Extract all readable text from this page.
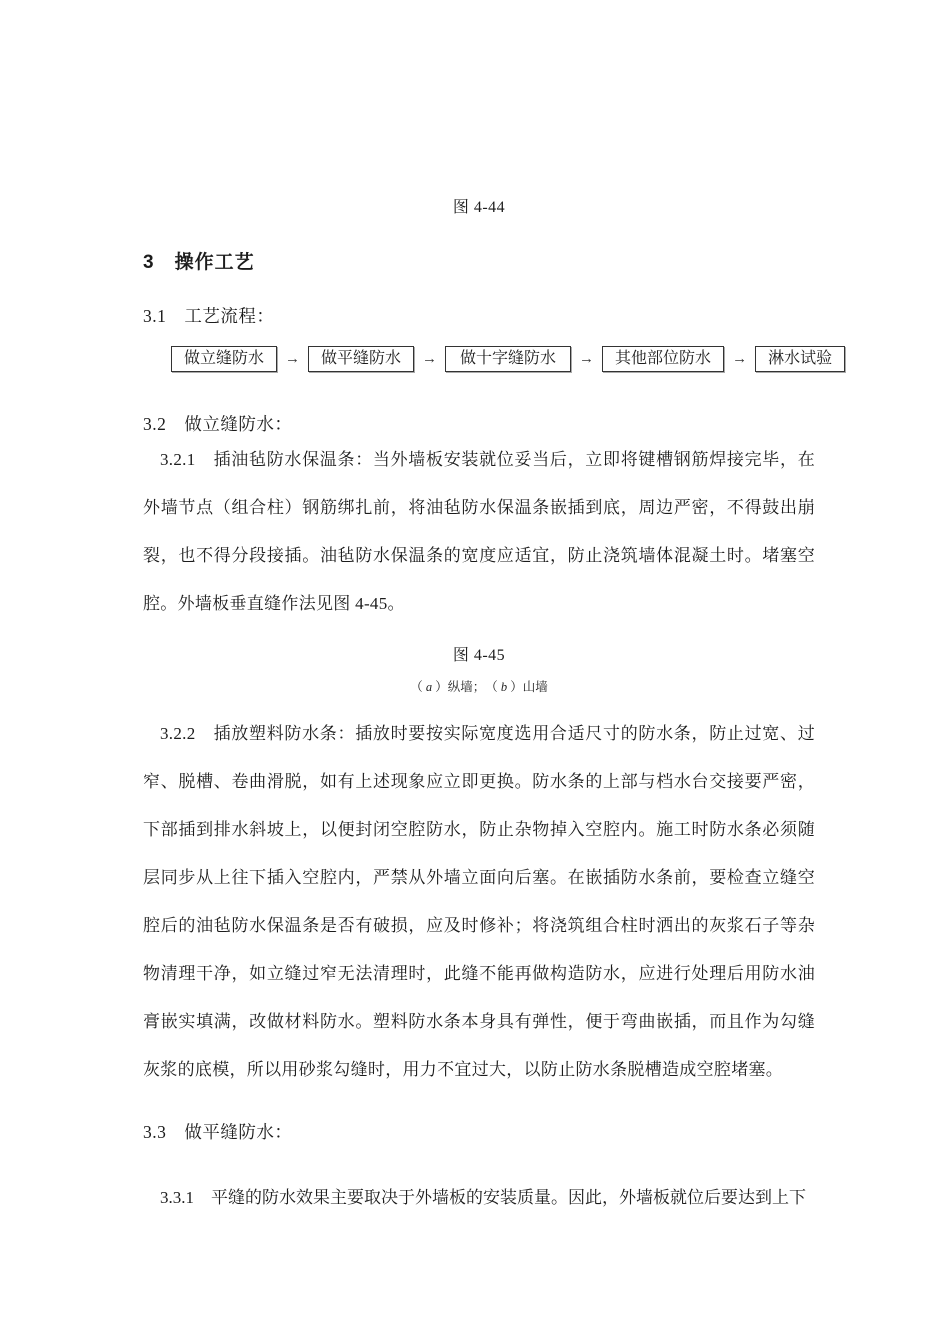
图 4-44
3　操作工艺
3.1　工艺流程：
做立缝防水	→	做平缝防水	→	做十字缝防水	→	其他部位防水	→	淋水试验
3.2　做立缝防水：

3.2.1　插油毡防水保温条：当外墙板安装就位妥当后，立即将键槽钢筋焊接完毕，在外墙节点（组合柱）钢筋绑扎前，将油毡防水保温条嵌插到底，周边严密，不得鼓出崩裂，也不得分段接插。油毡防水保温条的宽度应适宜，防止浇筑墙体混凝土时。堵塞空腔。外墙板垂直缝作法见图 4-45。

图 4-45
（ a ）纵墙；　（ b ）山墙

3.2.2　插放塑料防水条：插放时要按实际宽度选用合适尺寸的防水条，防止过宽、过窄、脱槽、卷曲滑脱，如有上述现象应立即更换。防水条的上部与档水台交接要严密，下部插到排水斜坡上，以便封闭空腔防水，防止杂物掉入空腔内。施工时防水条必须随层同步从上往下插入空腔内，严禁从外墙立面向后塞。在嵌插防水条前，要检查立缝空腔后的油毡防水保温条是否有破损，应及时修补；将浇筑组合柱时洒出的灰浆石子等杂物清理干净，如立缝过窄无法清理时，此缝不能再做构造防水，应进行处理后用防水油膏嵌实填满，改做材料防水。塑料防水条本身具有弹性，便于弯曲嵌插，而且作为勾缝灰浆的底模，所以用砂浆勾缝时，用力不宜过大，以防止防水条脱槽造成空腔堵塞。

3.3　做平缝防水：

3.3.1　平缝的防水效果主要取决于外墙板的安装质量。因此，外墙板就位后要达到上下
